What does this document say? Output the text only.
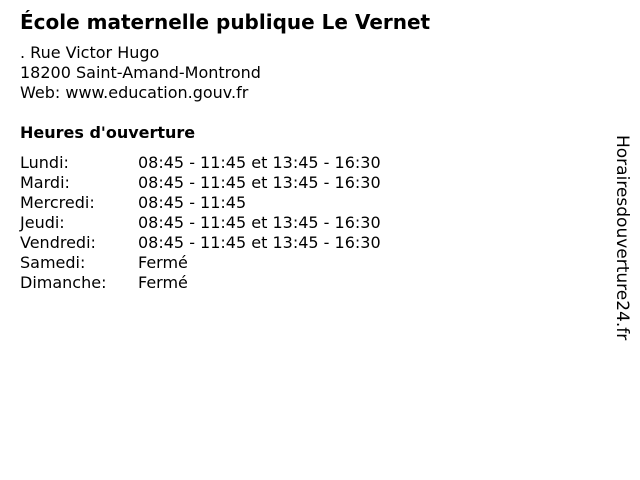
École maternelle publique Le Vernet
. Rue Victor Hugo
18200 Saint-Amand-Montrond
Web: www.education.gouv.fr
Heures d'ouverture
Lundi:	08:45 - 11:45 et 13:45 - 16:30
Mardi:	08:45 - 11:45 et 13:45 - 16:30
Mercredi:	08:45 - 11:45
Jeudi:	08:45 - 11:45 et 13:45 - 16:30
Vendredi:	08:45 - 11:45 et 13:45 - 16:30
Samedi:	Fermé
Dimanche:	Fermé	Horairesdouverture24.fr
